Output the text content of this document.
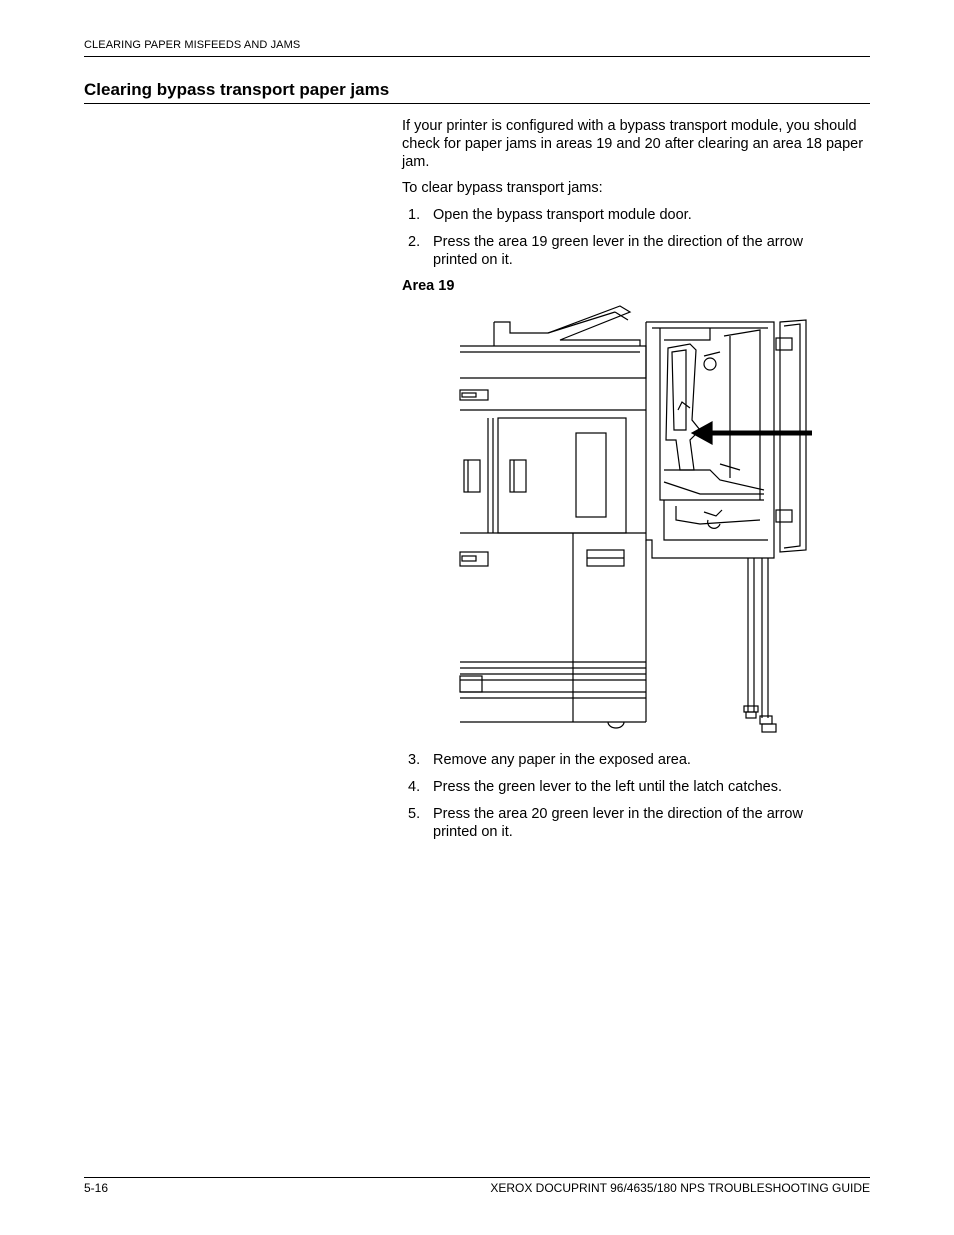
CLEARING PAPER MISFEEDS AND JAMS
Clearing bypass transport paper jams

If your printer is configured with a bypass transport module, you should check for paper jams in areas 19 and 20 after clearing an area 18 paper jam.

To clear bypass transport jams:

1. Open the bypass transport module door.
2. Press the area 19 green lever in the direction of the arrow printed on it.
Area 19
3. Remove any paper in the exposed area.
4. Press the green lever to the left until the latch catches.
5. Press the area 20 green lever in the direction of the arrow printed on it.
5-16	XEROX DOCUPRINT 96/4635/180 NPS TROUBLESHOOTING GUIDE
